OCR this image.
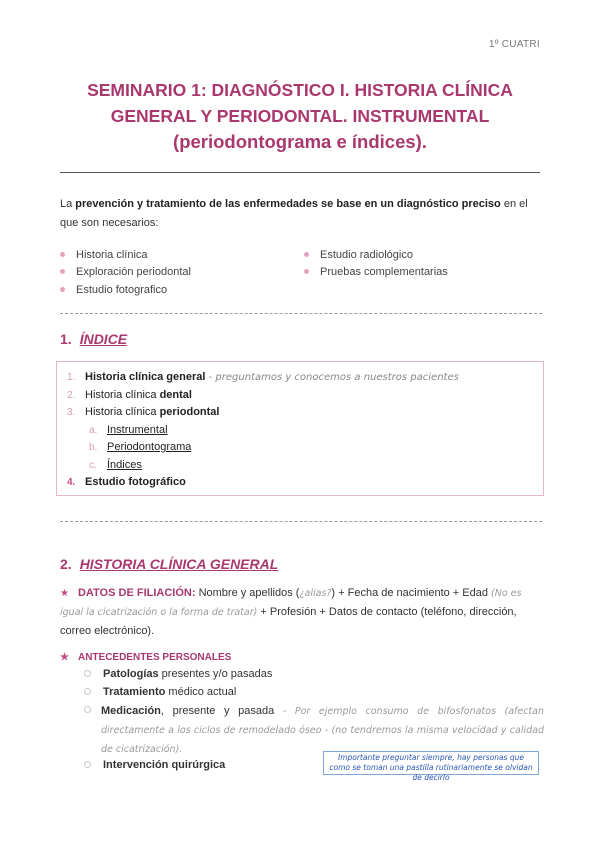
1º CUATRI
SEMINARIO 1: DIAGNÓSTICO I. HISTORIA CLÍNICA
GENERAL Y PERIODONTAL. INSTRUMENTAL
(periodontograma e índices).
La prevención y tratamiento de las enfermedades se base en un diagnóstico preciso en el que son necesarios:
Historia clínica
Exploración periodontal
Estudio fotografico
Estudio radiológico
Pruebas complementarias
1. ÍNDICE
1. Historia clínica general - preguntamos y conocemos a nuestros pacientes
2. Historia clínica dental
3. Historia clínica periodontal
a. Instrumental
b. Periodontograma
c. Índices
4. Estudio fotográfico
2. HISTORIA CLÍNICA GENERAL
★ DATOS DE FILIACIÓN: Nombre y apellidos (¿alias?) + Fecha de nacimiento + Edad (No es igual la cicatrización o la forma de tratar) + Profesión + Datos de contacto (teléfono, dirección, correo electrónico).
★ ANTECEDENTES PERSONALES
Patologías presentes y/o pasadas
Tratamiento médico actual
Medicación, presente y pasada - Por ejemplo consumo de bifosfonatos (afectan directamente a los ciclos de remodelado óseo - (no tendremos la misma velocidad y calidad de cicatrización).
Intervención quirúrgica
Importante preguntar siempre, hay personas que como se toman una pastilla rutinariamente se olvidan de decirlo
